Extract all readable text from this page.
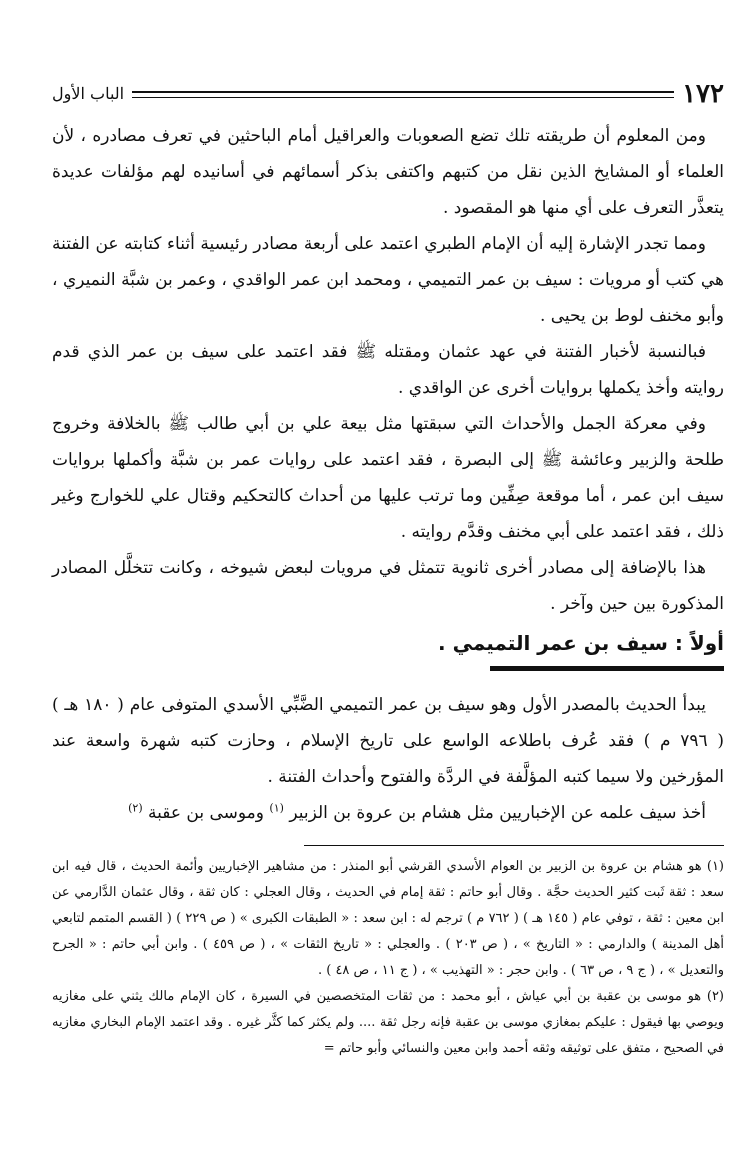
١٧٢
الباب الأول

ومن المعلوم أن طريقته تلك تضع الصعوبات والعراقيل أمام الباحثين في تعرف مصادره ، لأن العلماء أو المشايخ الذين نقل من كتبهم واكتفى بذكر أسمائهم في أسانيده لهم مؤلفات عديدة يتعذَّر التعرف على أي منها هو المقصود .

ومما تجدر الإشارة إليه أن الإمام الطبري اعتمد على أربعة مصادر رئيسية أثناء كتابته عن الفتنة هي كتب أو مرويات : سيف بن عمر التميمي ، ومحمد ابن عمر الواقدي ، وعمر بن شبَّة النميري ، وأبو مخنف لوط بن يحيى .

فبالنسبة لأخبار الفتنة في عهد عثمان ومقتله ﷺ فقد اعتمد على سيف بن عمر الذي قدم روايته وأخذ يكملها بروايات أخرى عن الواقدي .

وفي معركة الجمل والأحداث التي سبقتها مثل بيعة علي بن أبي طالب ﷺ بالخلافة وخروج طلحة والزبير وعائشة ﷺ إلى البصرة ، فقد اعتمد على روايات عمر بن شبَّة وأكملها بروايات سيف ابن عمر ، أما موقعة صِفِّين وما ترتب عليها من أحداث كالتحكيم وقتال علي للخوارج وغير ذلك ، فقد اعتمد على أبي مخنف وقدَّم روايته .

هذا بالإضافة إلى مصادر أخرى ثانوية تتمثل في مرويات لبعض شيوخه ، وكانت تتخلَّل المصادر المذكورة بين حين وآخر .

أولاً : سيف بن عمر التميمي .

يبدأ الحديث بالمصدر الأول وهو سيف بن عمر التميمي الضَّبِّي الأسدي المتوفى عام ( ١٨٠ هـ ) ( ٧٩٦ م ) فقد عُرف باطلاعه الواسع على تاريخ الإسلام ، وحازت كتبه شهرة واسعة عند المؤرخين ولا سيما كتبه المؤلَّفة في الردَّة والفتوح وأحداث الفتنة .

أخذ سيف علمه عن الإخباريين مثل هشام بن عروة بن الزبير $^{(١)}$ وموسى بن عقبة $^{(٢)}$

(١) هو هشام بن عروة بن الزبير بن العوام الأسدي القرشي أبو المنذر : من مشاهير الإخباريين وأئمة الحديث ، قال فيه ابن سعد : ثقة ثَبت كثير الحديث حجَّة . وقال أبو حاتم : ثقة إمام في الحديث ، وقال العجلي : كان ثقة ، وقال عثمان الدَّارمي عن ابن معين : ثقة ، توفي عام ( ١٤٥ هـ ) ( ٧٦٢ م ) ترجم له : ابن سعد : « الطبقات الكبرى » ( ص ٢٢٩ ) ( القسم المتمم لتابعي أهل المدينة ) والدارمي : « التاريخ » ، ( ص ٢٠٣ ) . والعجلي : « تاريخ الثقات » ، ( ص ٤٥٩ ) . وابن أبي حاتم : « الجرح والتعديل » ، ( ج ٩ ، ص ٦٣ ) . وابن حجر : « التهذيب » ، ( ج ١١ ، ص ٤٨ ) .

(٢) هو موسى بن عقبة بن أبي عياش ، أبو محمد : من ثقات المتخصصين في السيرة ، كان الإمام مالك يثني على مغازيه ويوصي بها فيقول : عليكم بمغازي موسى بن عقبة فإنه رجل ثقة .... ولم يكثر كما كثَّر غيره . وقد اعتمد الإمام البخاري مغازيه في الصحيح ، متفق على توثيقه وثقه أحمد وابن معين والنسائي وأبو حاتم =
